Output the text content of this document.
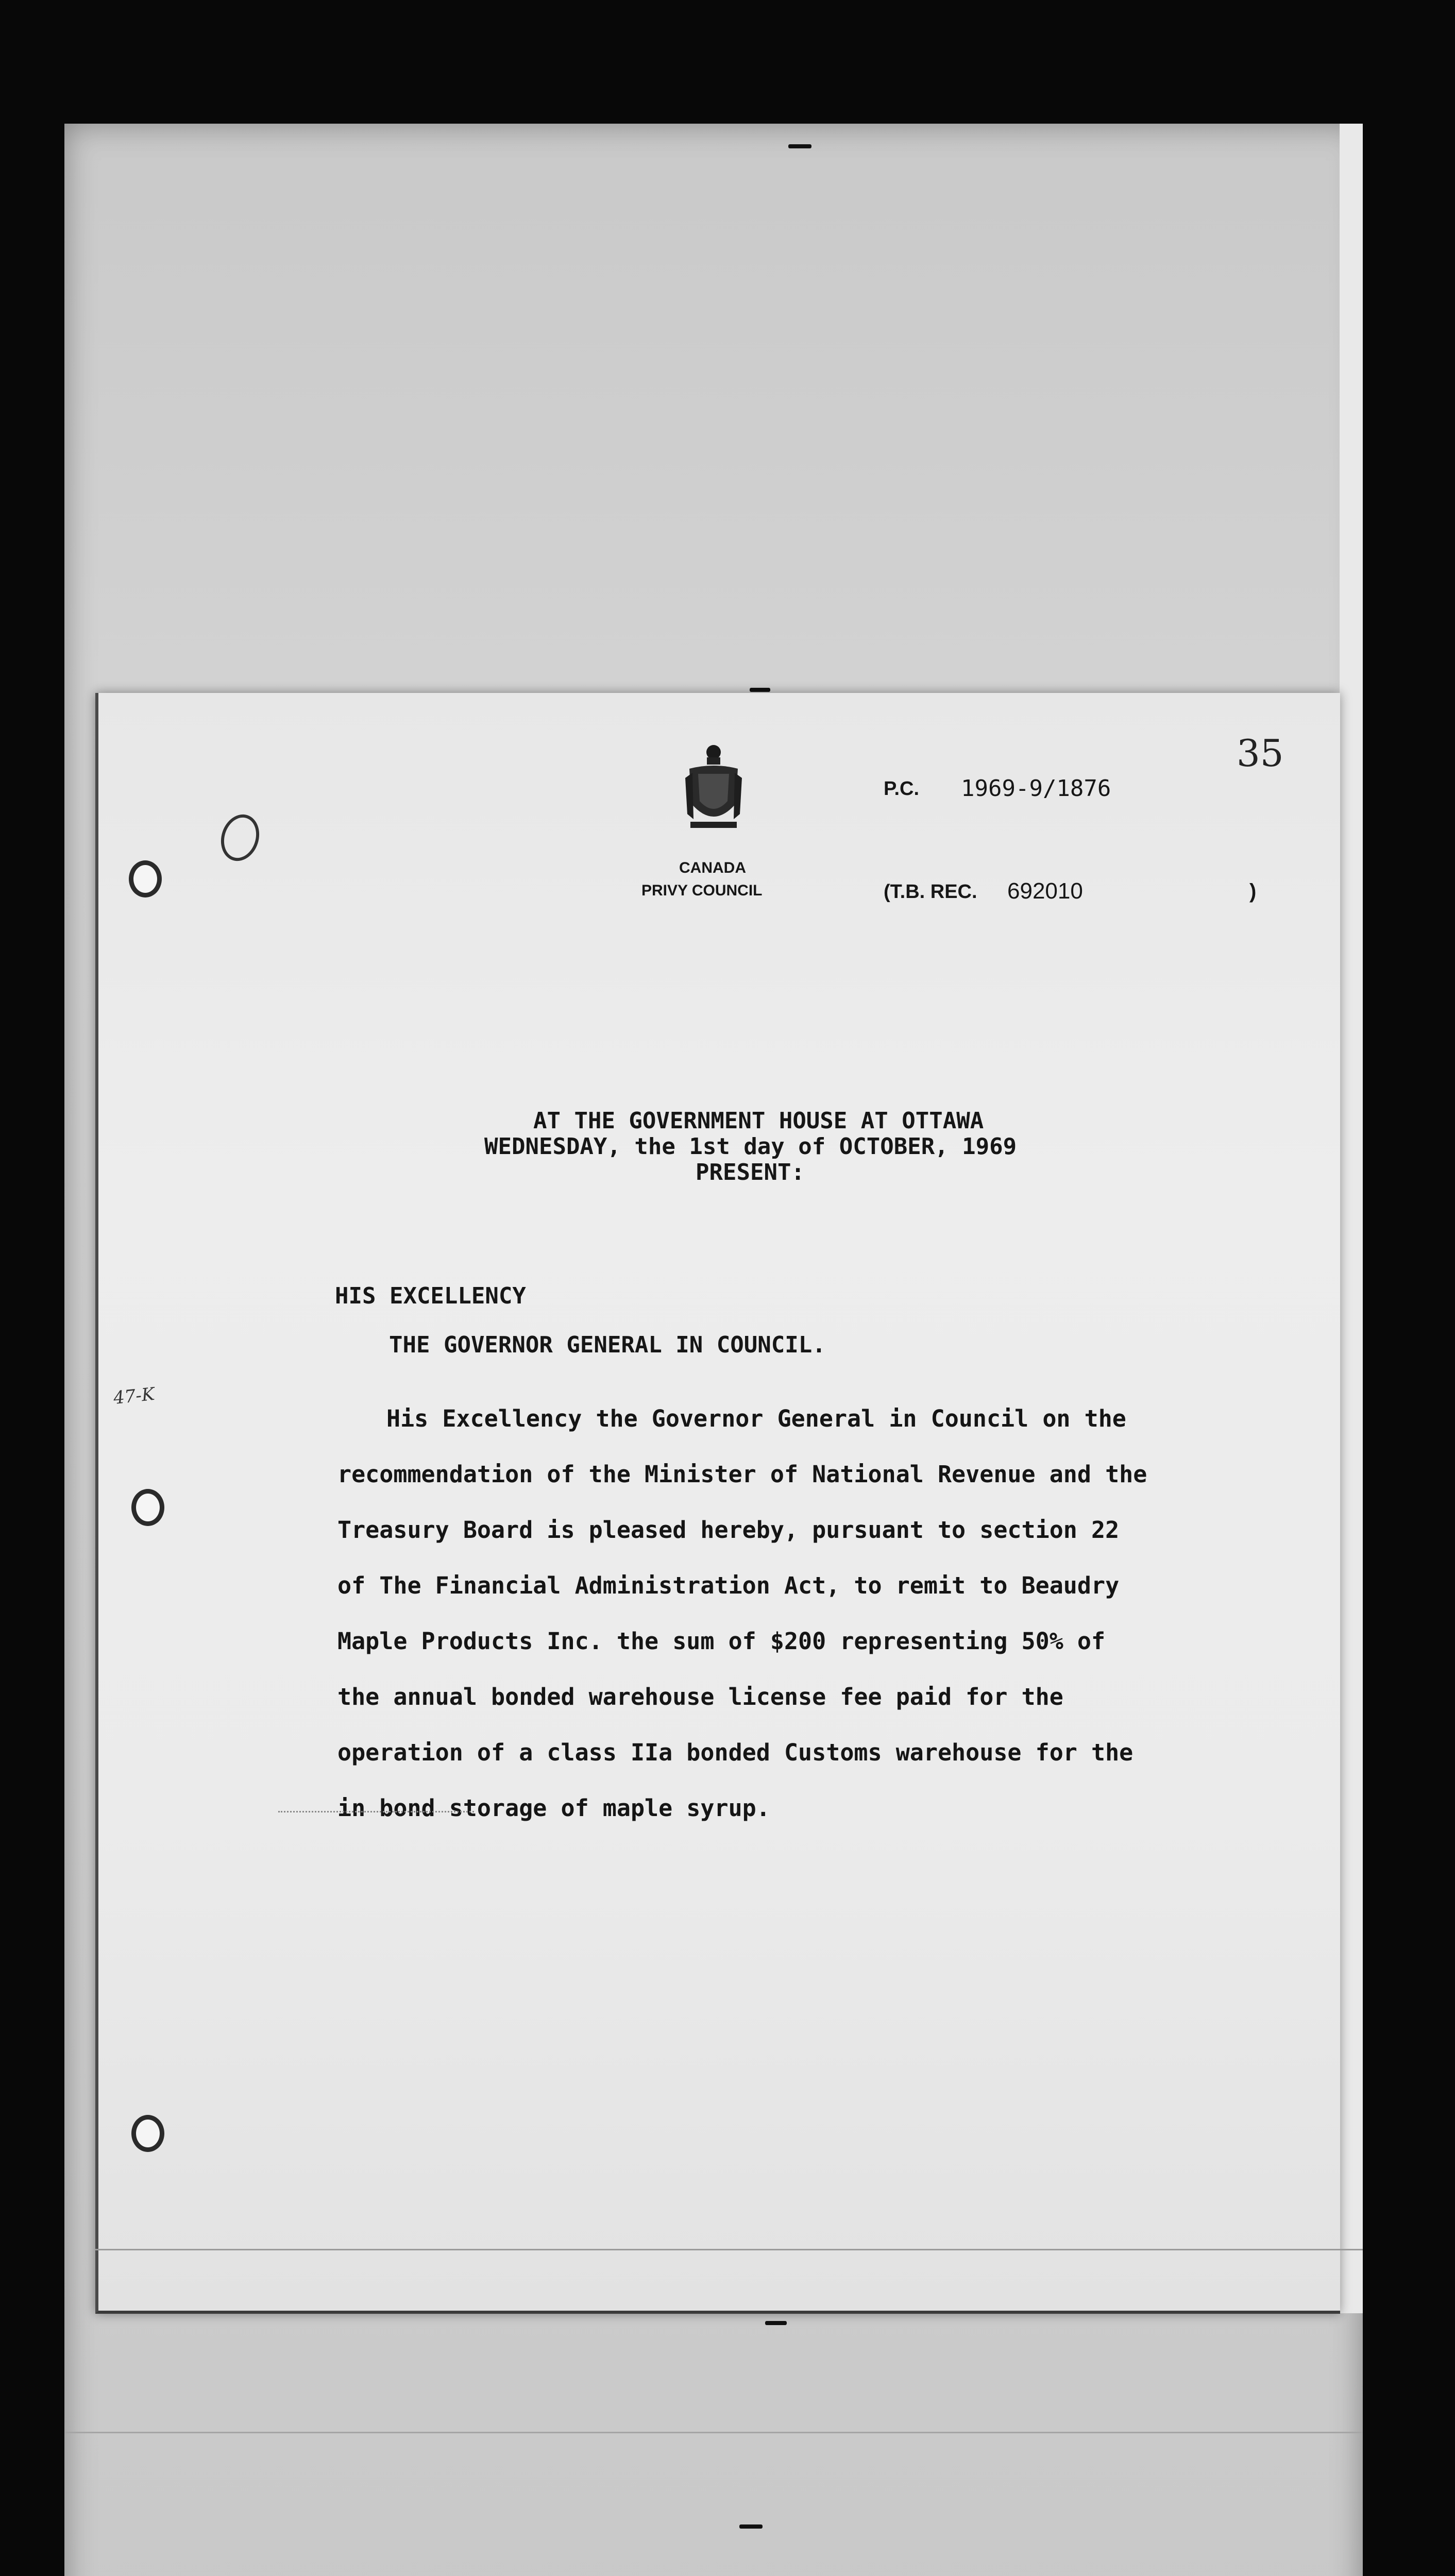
35
CANADA
PRIVY COUNCIL
P.C. 1969-9/1876
(T.B. REC. 692010	)
AT THE GOVERNMENT HOUSE AT OTTAWA
WEDNESDAY, the 1st day of OCTOBER, 1969
PRESENT:
HIS EXCELLENCY
THE GOVERNOR GENERAL IN COUNCIL.
47-K
His Excellency the Governor General in Council on the
recommendation of the Minister of National Revenue and the
Treasury Board is pleased hereby, pursuant to section 22
of The Financial Administration Act, to remit to Beaudry
Maple Products Inc. the sum of $200 representing 50% of
the annual bonded warehouse license fee paid for the
operation of a class IIa bonded Customs warehouse for the
in bond storage of maple syrup.
